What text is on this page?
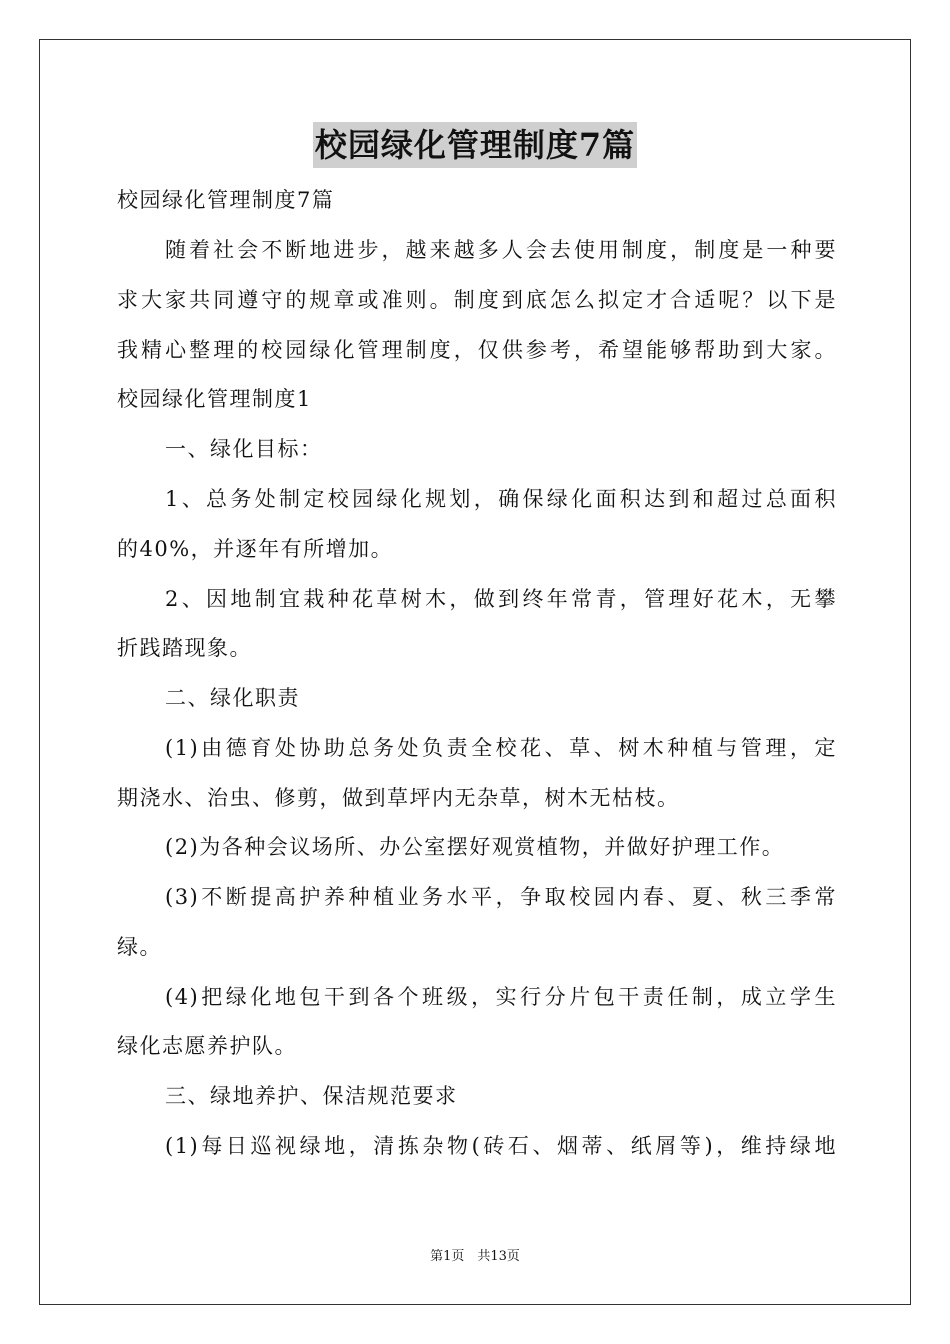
校园绿化管理制度7篇
校园绿化管理制度7篇
随着社会不断地进步，越来越多人会去使用制度，制度是一种要
求大家共同遵守的规章或准则。制度到底怎么拟定才合适呢？以下是
我精心整理的校园绿化管理制度，仅供参考，希望能够帮助到大家。
校园绿化管理制度1
一、绿化目标：
1、总务处制定校园绿化规划，确保绿化面积达到和超过总面积
的40%，并逐年有所增加。
2、因地制宜栽种花草树木，做到终年常青，管理好花木，无攀
折践踏现象。
二、绿化职责
(1)由德育处协助总务处负责全校花、草、树木种植与管理，定
期浇水、治虫、修剪，做到草坪内无杂草，树木无枯枝。
(2)为各种会议场所、办公室摆好观赏植物，并做好护理工作。
(3)不断提高护养种植业务水平，争取校园内春、夏、秋三季常
绿。
(4)把绿化地包干到各个班级，实行分片包干责任制，成立学生
绿化志愿养护队。
三、绿地养护、保洁规范要求
(1)每日巡视绿地，清拣杂物(砖石、烟蒂、纸屑等)，维持绿地
第1页　共13页
